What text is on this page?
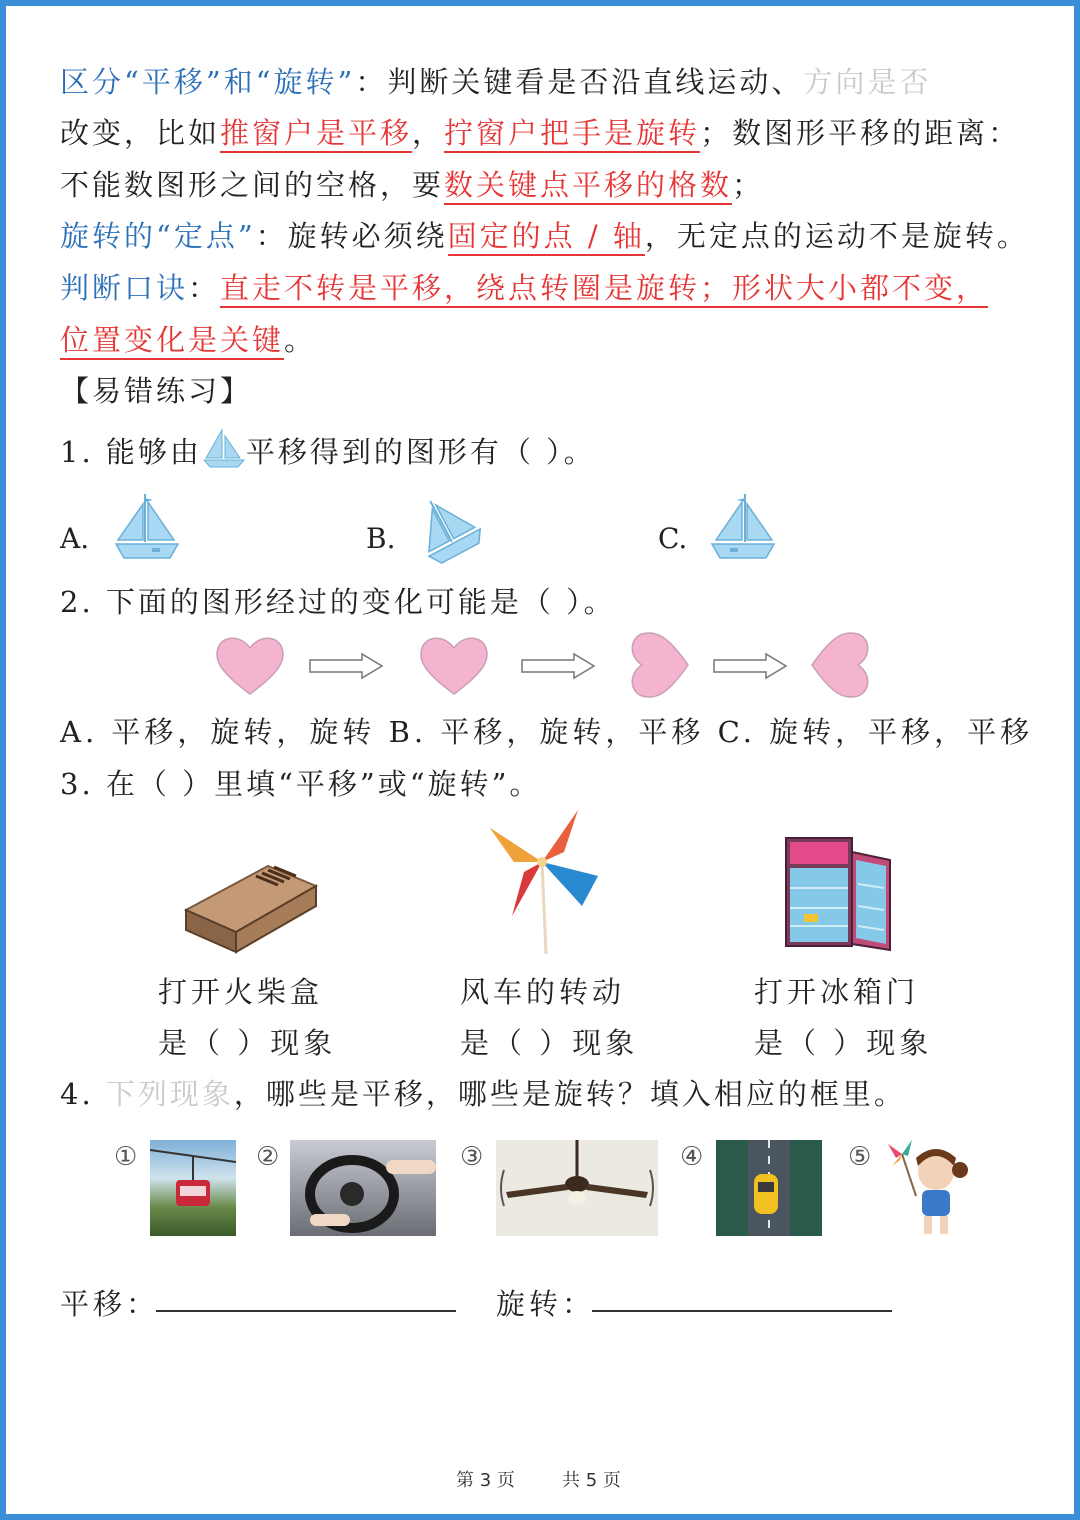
区分“平移”和“旋转”：判断关键看是否沿直线运动、方向是否
改变，比如推窗户是平移，拧窗户把手是旋转；数图形平移的距离：
不能数图形之间的空格，要数关键点平移的格数；
旋转的“定点”：旋转必须绕固定的点 / 轴，无定点的运动不是旋转。
判断口诀：直走不转是平移，绕点转圈是旋转；形状大小都不变，
位置变化是关键。
【易错练习】
1. 能够由 平移得到的图形有（ ）。
A.	B.	C.
2. 下面的图形经过的变化可能是（ ）。
A. 平移，旋转，旋转 B. 平移，旋转，平移 C. 旋转，平移，平移
3. 在（ ）里填“平移”或“旋转”。
打开火柴盒	风车的转动	打开冰箱门
是（ ）现象	是（ ）现象	是（ ）现象
4. 下列现象，哪些是平移，哪些是旋转？填入相应的框里。
①	②	③	④	⑤
平移：	旋转：
第 3 页	共 5 页
